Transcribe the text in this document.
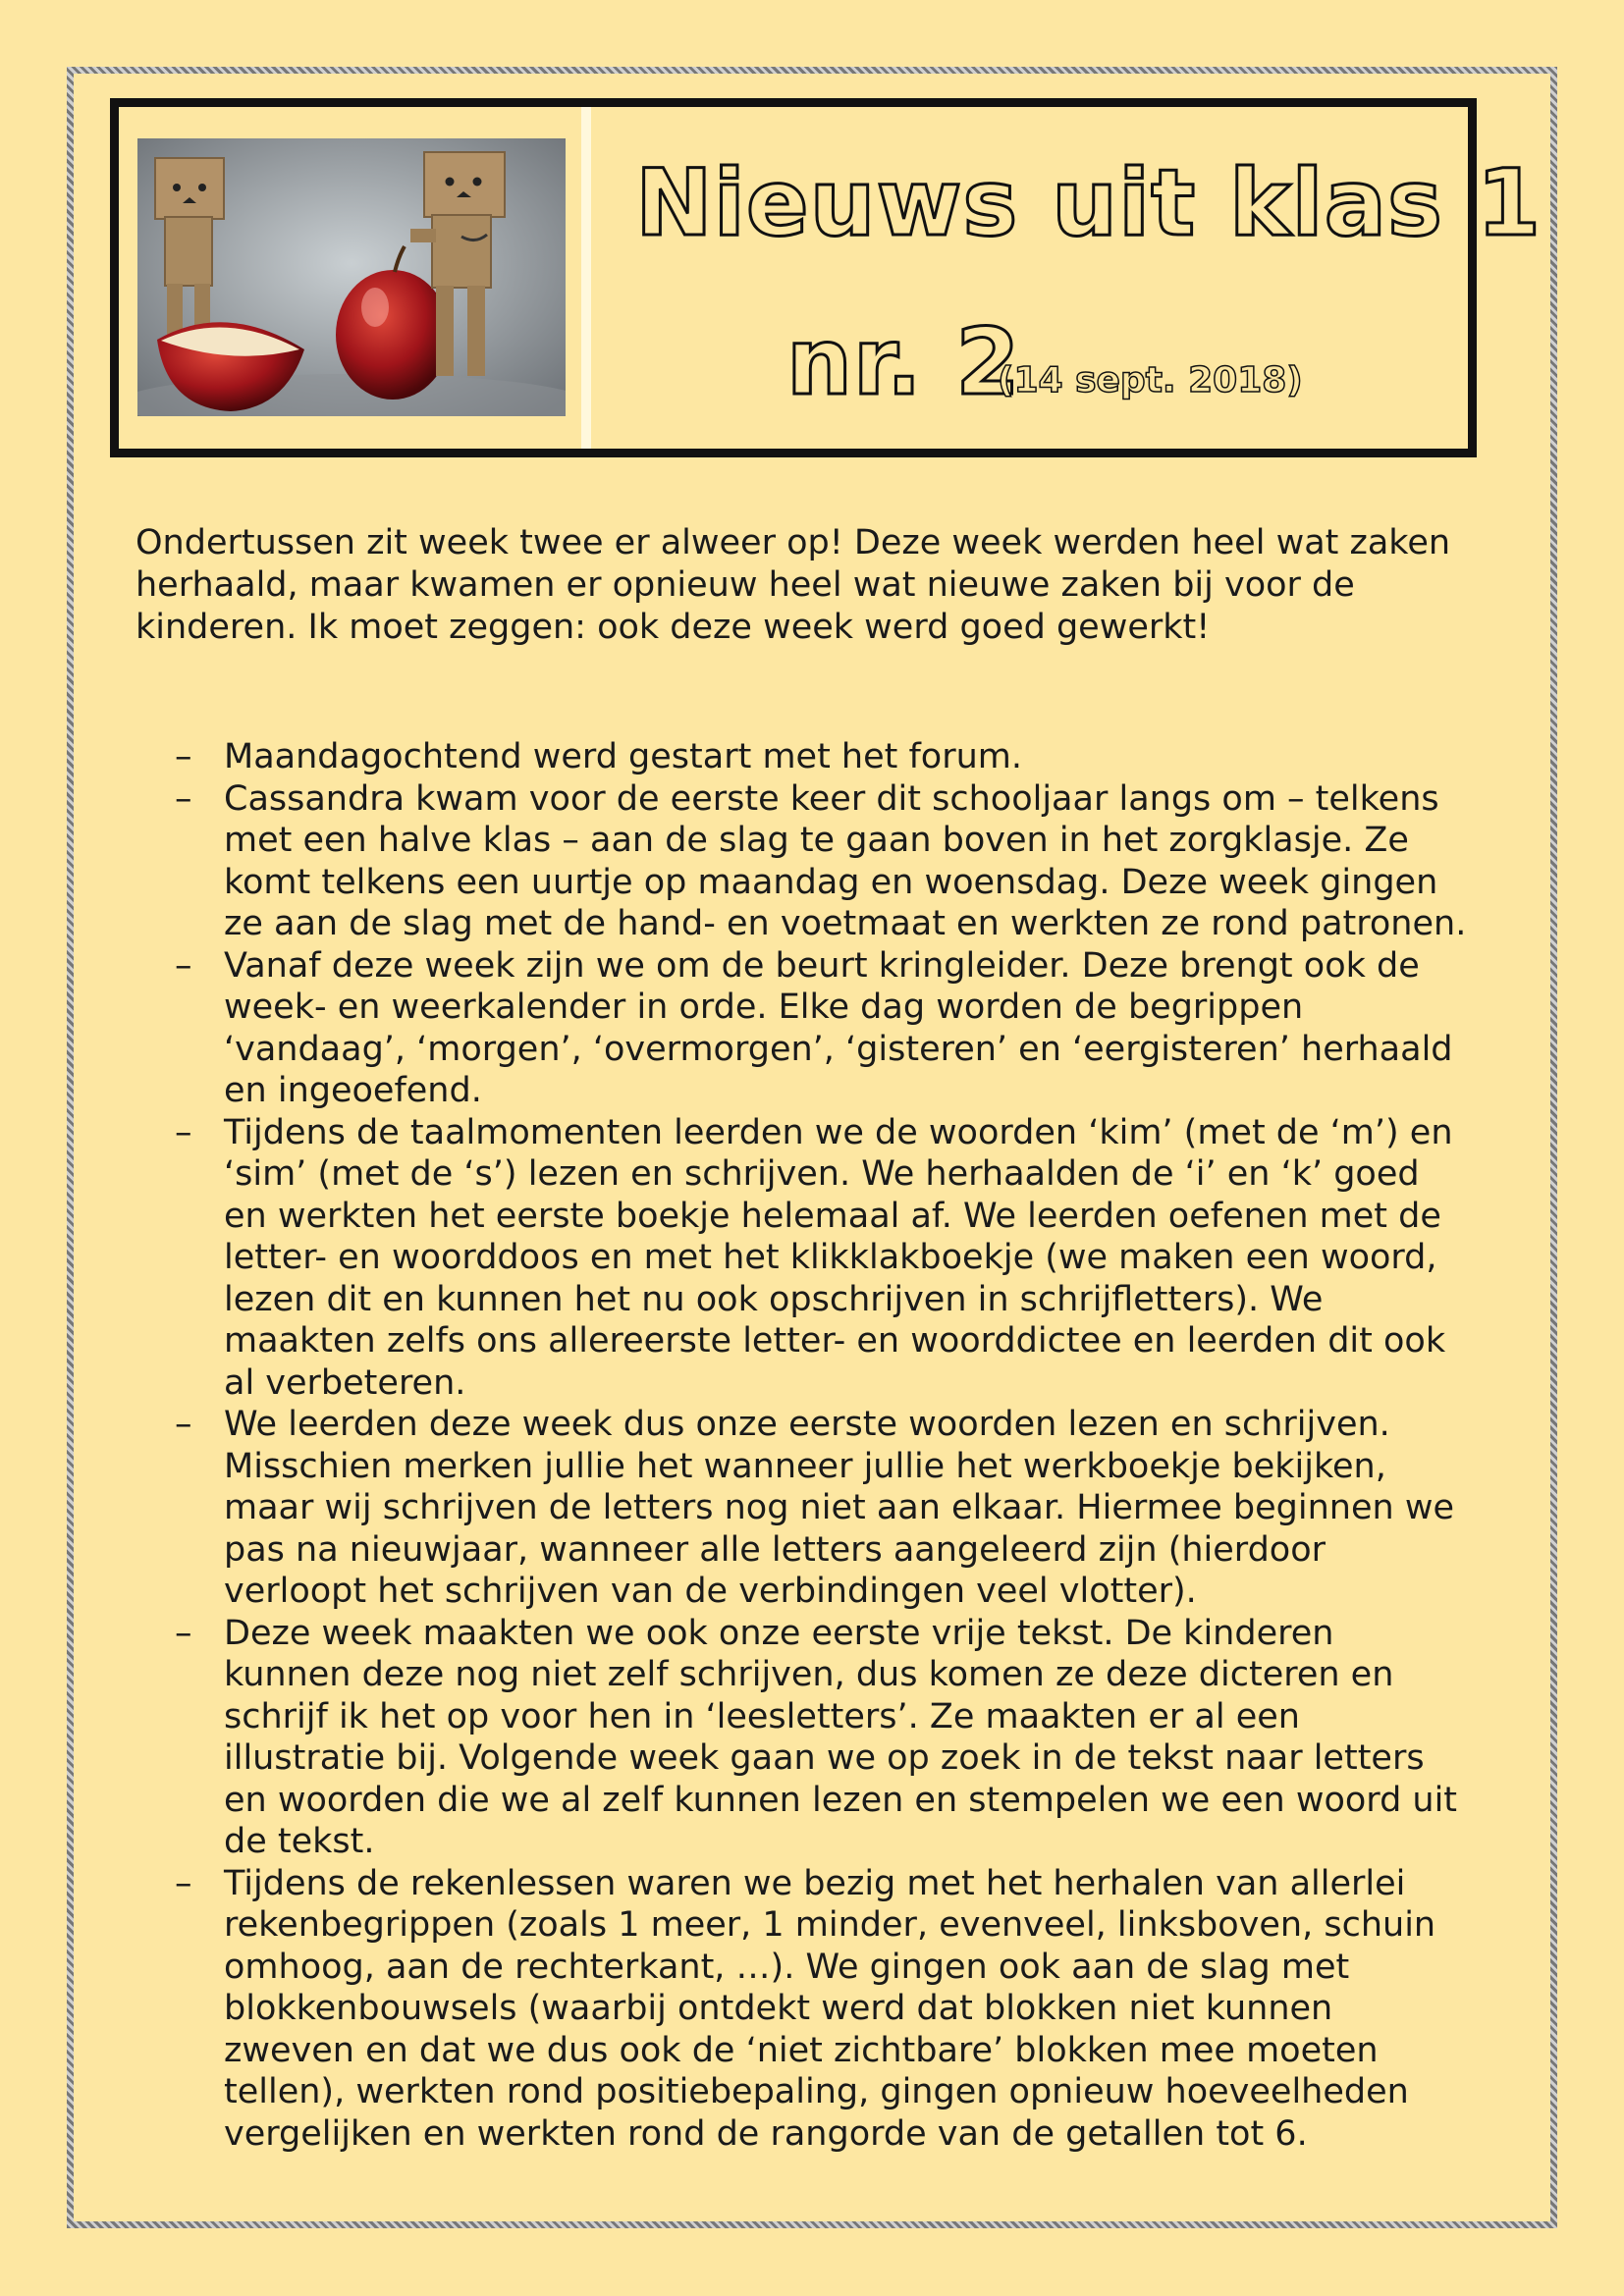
Nieuws uit klas 1
nr. 2
(14 sept. 2018)

Ondertussen zit week twee er alweer op! Deze week werden heel wat zaken herhaald, maar kwamen er opnieuw heel wat nieuwe zaken bij voor de kinderen. Ik moet zeggen: ook deze week werd goed gewerkt!

– Maandagochtend werd gestart met het forum.
– Cassandra kwam voor de eerste keer dit schooljaar langs om – telkens met een halve klas – aan de slag te gaan boven in het zorgklasje. Ze komt telkens een uurtje op maandag en woensdag. Deze week gingen ze aan de slag met de hand- en voetmaat en werkten ze rond patronen.
– Vanaf deze week zijn we om de beurt kringleider. Deze brengt ook de week- en weerkalender in orde. Elke dag worden de begrippen ‘vandaag’, ‘morgen’, ‘overmorgen’, ‘gisteren’ en ‘eergisteren’ herhaald en ingeoefend.
– Tijdens de taalmomenten leerden we de woorden ‘kim’ (met de ‘m’) en ‘sim’ (met de ‘s’) lezen en schrijven. We herhaalden de ‘i’ en ‘k’ goed en werkten het eerste boekje helemaal af. We leerden oefenen met de letter- en woorddoos en met het klikklakboekje (we maken een woord, lezen dit en kunnen het nu ook opschrijven in schrijfletters). We maakten zelfs ons allereerste letter- en woorddictee en leerden dit ook al verbeteren.
– We leerden deze week dus onze eerste woorden lezen en schrijven. Misschien merken jullie het wanneer jullie het werkboekje bekijken, maar wij schrijven de letters nog niet aan elkaar. Hiermee beginnen we pas na nieuwjaar, wanneer alle letters aangeleerd zijn (hierdoor verloopt het schrijven van de verbindingen veel vlotter).
– Deze week maakten we ook onze eerste vrije tekst. De kinderen kunnen deze nog niet zelf schrijven, dus komen ze deze dicteren en schrijf ik het op voor hen in ‘leesletters’. Ze maakten er al een illustratie bij. Volgende week gaan we op zoek in de tekst naar letters en woorden die we al zelf kunnen lezen en stempelen we een woord uit de tekst.
– Tijdens de rekenlessen waren we bezig met het herhalen van allerlei rekenbegrippen (zoals 1 meer, 1 minder, evenveel, linksboven, schuin omhoog, aan de rechterkant, …). We gingen ook aan de slag met blokkenbouwsels (waarbij ontdekt werd dat blokken niet kunnen zweven en dat we dus ook de ‘niet zichtbare’ blokken mee moeten tellen), werkten rond positiebepaling, gingen opnieuw hoeveelheden vergelijken en werkten rond de rangorde van de getallen tot 6.
